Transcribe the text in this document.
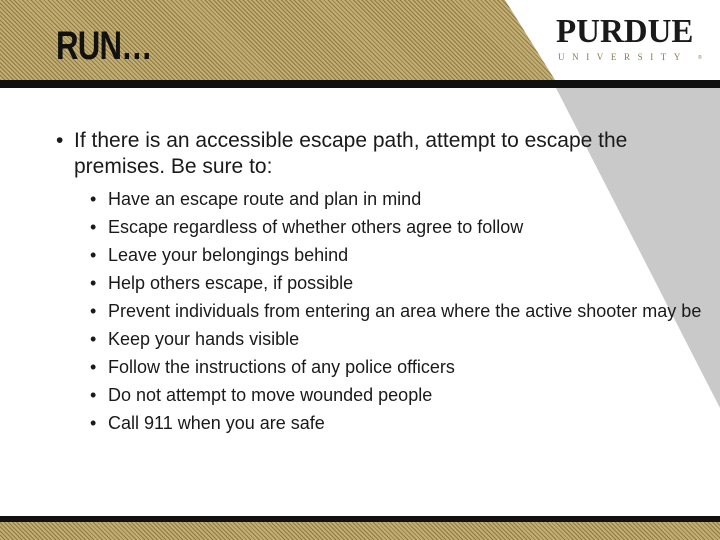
RUN…	PURDUE
UNIVERSITY ®

• If there is an accessible escape path, attempt to escape the premises. Be sure to:

• Have an escape route and plan in mind
• Escape regardless of whether others agree to follow
• Leave your belongings behind
• Help others escape, if possible
• Prevent individuals from entering an area where the active shooter may be
• Keep your hands visible
• Follow the instructions of any police officers
• Do not attempt to move wounded people
• Call 911 when you are safe
